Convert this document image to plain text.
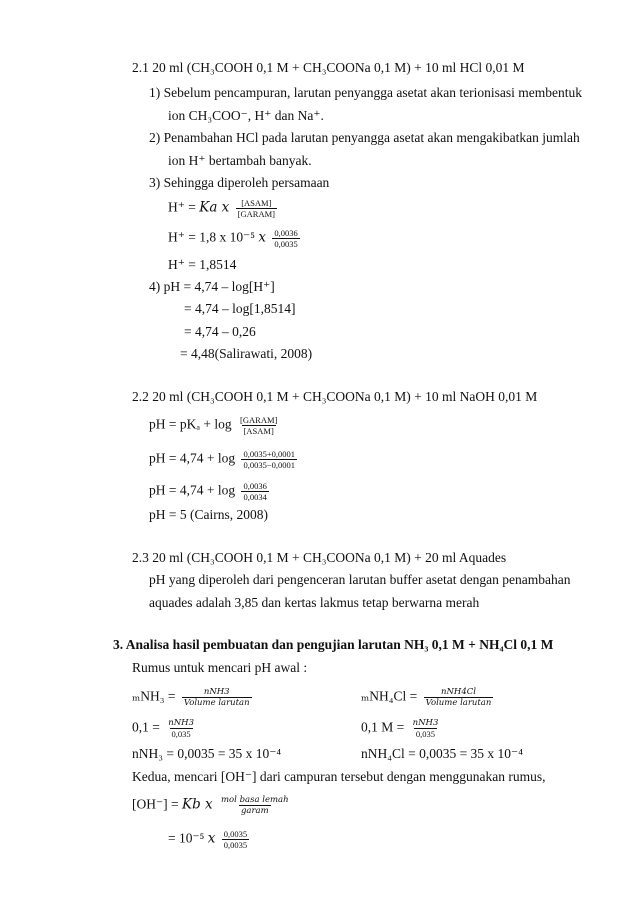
2.1 20 ml (CH₃COOH 0,1 M + CH₃COONa 0,1 M) + 10 ml HCl 0,01 M
1) Sebelum pencampuran, larutan penyangga asetat akan terionisasi membentuk
ion CH₃COO⁻, H⁺ dan Na⁺.
2) Penambahan HCl pada larutan penyangga asetat akan mengakibatkan jumlah
ion H⁺ bertambah banyak.
3) Sehingga diperoleh persamaan
H⁺ = Ka x $\frac{\text{[ASAM]}}{\text{[GARAM]}}$
H⁺ = 1,8 x 10⁻⁵ x $\frac{0,0036}{0,0035}$
H⁺ = 1,8514
4) pH = 4,74 – log[H⁺]
= 4,74 – log[1,8514]
= 4,74 – 0,26
= 4,48(Salirawati, 2008)
2.2 20 ml (CH₃COOH 0,1 M + CH₃COONa 0,1 M) + 10 ml NaOH 0,01 M
pH = $pK_a + \log \frac{\text{[GARAM]}}{\text{[ASAM]}}$
pH = $4,74 + \log \frac{0,0035+0,0001}{0,0035-0,0001}$
pH = $4,74 + \log \frac{0,0036}{0,0034}$
pH = 5 (Cairns, 2008)
2.3 20 ml (CH₃COOH 0,1 M + CH₃COONa 0,1 M) + 20 ml Aquades
pH yang diperoleh dari pengenceran larutan buffer asetat dengan penambahan
aquades adalah 3,85 dan kertas lakmus tetap berwarna merah
3. Analisa hasil pembuatan dan pengujian larutan NH₃ 0,1 M + NH₄Cl 0,1 M
Rumus untuk mencari pH awal :
$_mNH_3 = \frac{\text{nNH3}}{\text{Volume larutan}}$	$_mNH_4Cl = \frac{\text{nNH4Cl}}{\text{Volume larutan}}$
$0,1 = \frac{\text{nNH3}}{0,035}$	0,1 $M = \frac{\text{nNH3}}{0,035}$
nNH₃ = 0,0035 = 35 x 10⁻⁴	nNH₄Cl = 0,0035 = 35 x 10⁻⁴
Kedua, mencari [OH⁻] dari campuran tersebut dengan menggunakan rumus,
[OH⁻] = Kb x $\frac{\text{mol basa lemah}}{\text{garam}}$
= 10⁻⁵ x $\frac{0,0035}{0,0035}$
